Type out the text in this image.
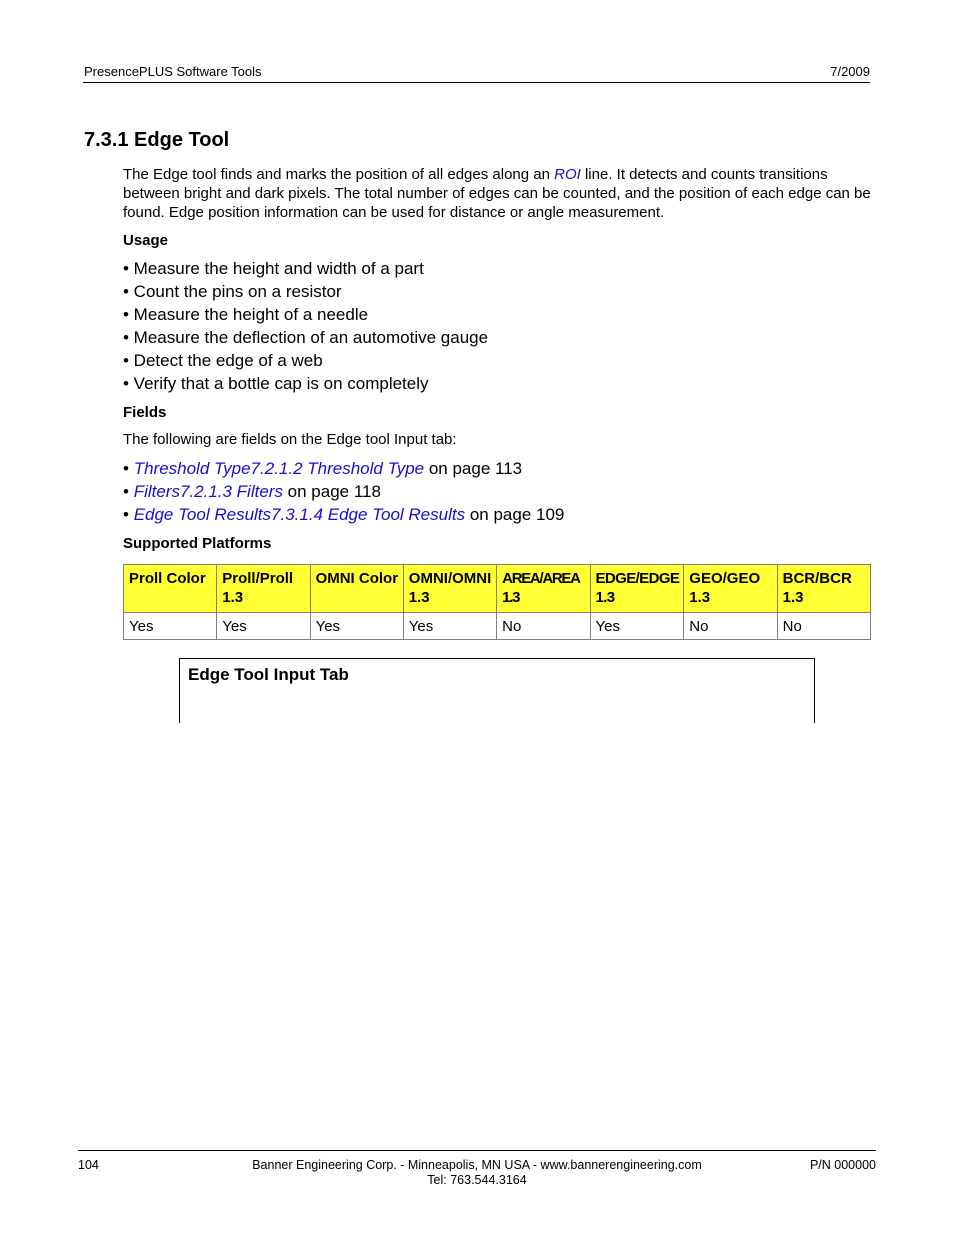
PresencePLUS Software Tools	7/2009
7.3.1 Edge Tool
The Edge tool finds and marks the position of all edges along an ROI line. It detects and counts transitions between bright and dark pixels. The total number of edges can be counted, and the position of each edge can be found. Edge position information can be used for distance or angle measurement.
Usage
• Measure the height and width of a part
• Count the pins on a resistor
• Measure the height of a needle
• Measure the deflection of an automotive gauge
• Detect the edge of a web
• Verify that a bottle cap is on completely
Fields
The following are fields on the Edge tool Input tab:
• Threshold Type7.2.1.2 Threshold Type on page 113
• Filters7.2.1.3 Filters on page 118
• Edge Tool Results7.3.1.4 Edge Tool Results on page 109
Supported Platforms
Proll Color	Proll/Proll 1.3	OMNI Color	OMNI/OMNI 1.3	AREA/AREA 1.3	EDGE/EDGE 1.3	GEO/GEO 1.3	BCR/BCR 1.3
Yes	Yes	Yes	Yes	No	Yes	No	No
Edge Tool Input Tab
104	Banner Engineering Corp. - Minneapolis, MN USA - www.bannerengineering.com
Tel: 763.544.3164
P/N 000000
